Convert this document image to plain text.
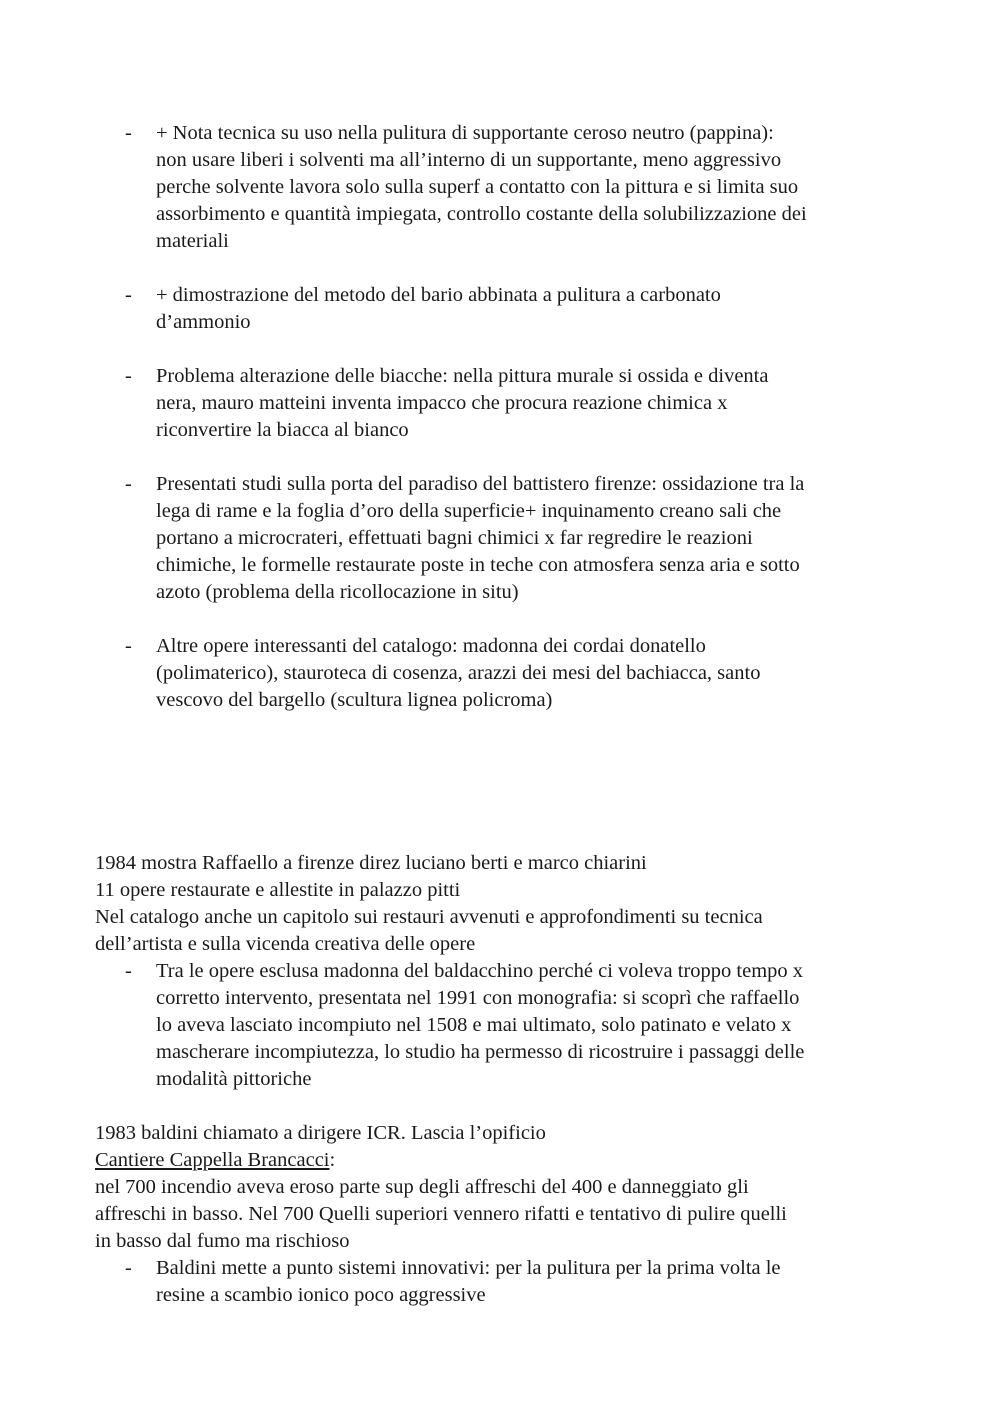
-	+ Nota tecnica su uso nella pulitura di supportante ceroso neutro (pappina):
non usare liberi i solventi ma all’interno di un supportante, meno aggressivo
perche solvente lavora solo sulla superf a contatto con la pittura e si limita suo
assorbimento e quantità impiegata, controllo costante della solubilizzazione dei
materiali
-	+ dimostrazione del metodo del bario abbinata a pulitura a carbonato
d’ammonio
-	Problema alterazione delle biacche: nella pittura murale si ossida e diventa
nera, mauro matteini inventa impacco che procura reazione chimica x
riconvertire la biacca al bianco
-	Presentati studi sulla porta del paradiso del battistero firenze: ossidazione tra la
lega di rame e la foglia d’oro della superficie+ inquinamento creano sali che
portano a microcrateri, effettuati bagni chimici x far regredire le reazioni
chimiche, le formelle restaurate poste in teche con atmosfera senza aria e sotto
azoto (problema della ricollocazione in situ)
-	Altre opere interessanti del catalogo: madonna dei cordai donatello
(polimaterico), stauroteca di cosenza, arazzi dei mesi del bachiacca, santo
vescovo del bargello (scultura lignea policroma)
1984 mostra Raffaello a firenze direz luciano berti e marco chiarini
11 opere restaurate e allestite in palazzo pitti
Nel catalogo anche un capitolo sui restauri avvenuti e approfondimenti su tecnica
dell’artista e sulla vicenda creativa delle opere
-	Tra le opere esclusa madonna del baldacchino perché ci voleva troppo tempo x
corretto intervento, presentata nel 1991 con monografia: si scoprì che raffaello
lo aveva lasciato incompiuto nel 1508 e mai ultimato, solo patinato e velato x
mascherare incompiutezza, lo studio ha permesso di ricostruire i passaggi delle
modalità pittoriche
1983 baldini chiamato a dirigere ICR. Lascia l’opificio
Cantiere Cappella Brancacci:
nel 700 incendio aveva eroso parte sup degli affreschi del 400 e danneggiato gli
affreschi in basso. Nel 700 Quelli superiori vennero rifatti e tentativo di pulire quelli
in basso dal fumo ma rischioso
-	Baldini mette a punto sistemi innovativi: per la pulitura per la prima volta le
resine a scambio ionico poco aggressive
